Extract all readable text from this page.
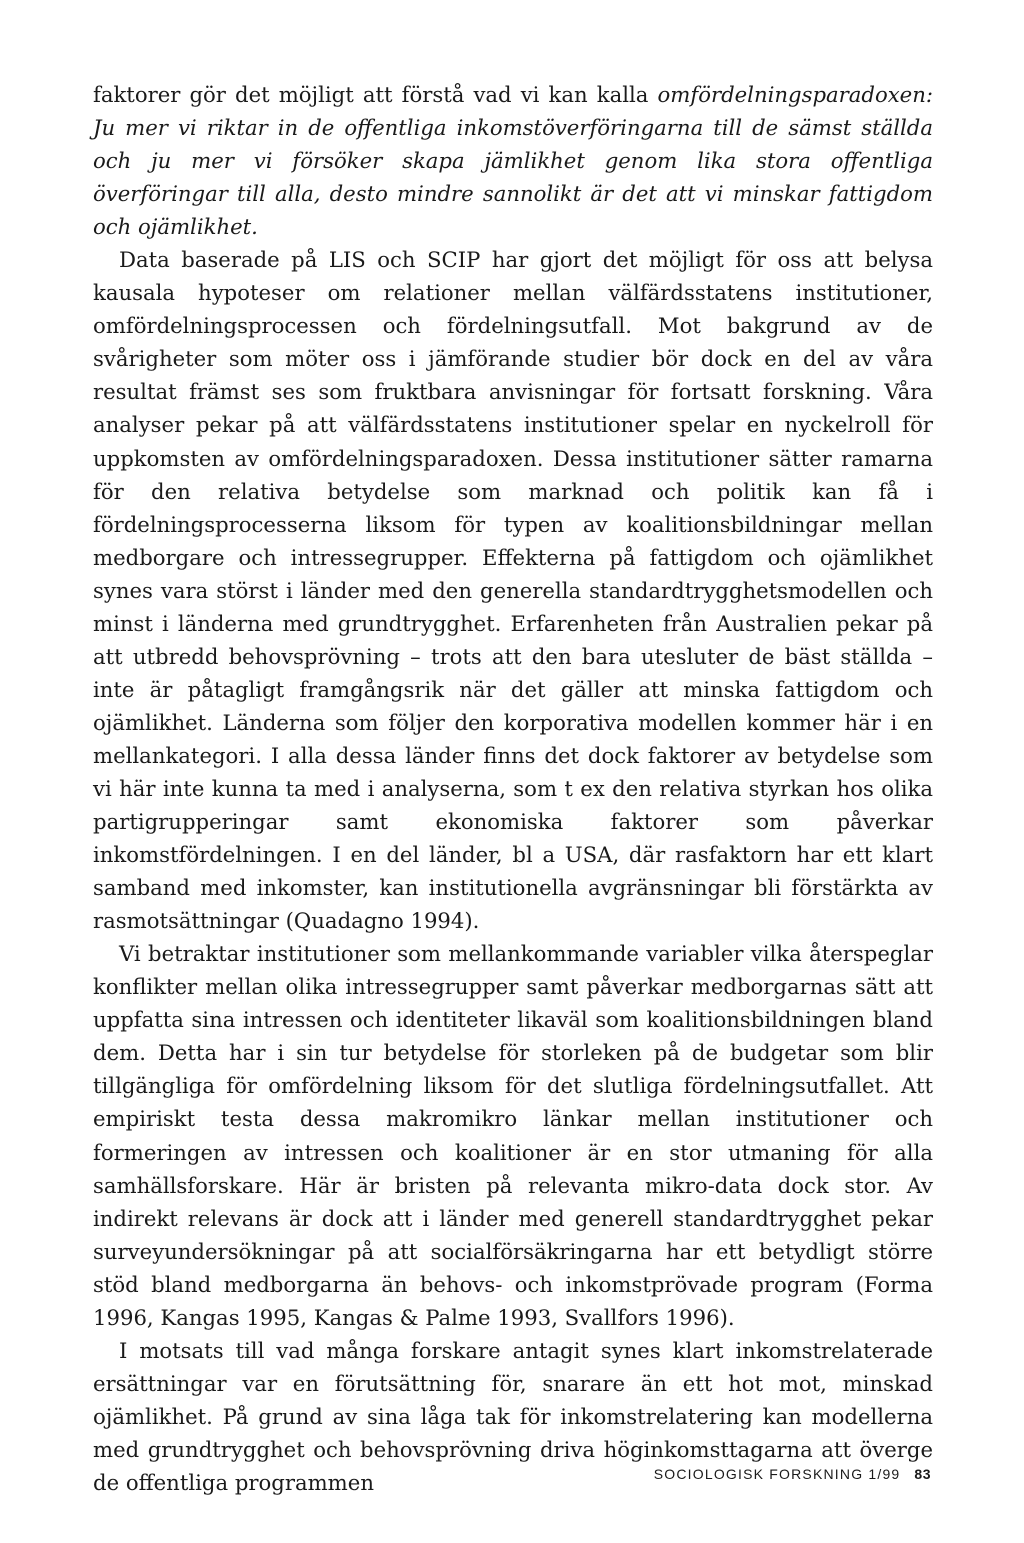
faktorer gör det möjligt att förstå vad vi kan kalla omfördelningsparadoxen: Ju mer vi riktar in de offentliga inkomstöverföringarna till de sämst ställda och ju mer vi försöker skapa jämlikhet genom lika stora offentliga överföringar till alla, desto mindre sannolikt är det att vi minskar fattigdom och ojämlikhet.

Data baserade på LIS och SCIP har gjort det möjligt för oss att belysa kausala hypoteser om relationer mellan välfärdsstatens institutioner, omfördelningsprocessen och fördelningsutfall. Mot bakgrund av de svårigheter som möter oss i jämförande studier bör dock en del av våra resultat främst ses som fruktbara anvisningar för fortsatt forskning. Våra analyser pekar på att välfärdsstatens institutioner spelar en nyckelroll för uppkomsten av omfördelningsparadoxen. Dessa institutioner sätter ramarna för den relativa betydelse som marknad och politik kan få i fördelningsprocesserna liksom för typen av koalitionsbildningar mellan medborgare och intressegrupper. Effekterna på fattigdom och ojämlikhet synes vara störst i länder med den generella standardtrygghetsmodellen och minst i länderna med grundtrygghet. Erfarenheten från Australien pekar på att utbredd behovsprövning – trots att den bara utesluter de bäst ställda – inte är påtagligt framgångsrik när det gäller att minska fattigdom och ojämlikhet. Länderna som följer den korporativa modellen kommer här i en mellankategori. I alla dessa länder finns det dock faktorer av betydelse som vi här inte kunna ta med i analyserna, som t ex den relativa styrkan hos olika partigrupperingar samt ekonomiska faktorer som påverkar inkomstfördelningen. I en del länder, bl a USA, där rasfaktorn har ett klart samband med inkomster, kan institutionella avgränsningar bli förstärkta av rasmotsättningar (Quadagno 1994).

Vi betraktar institutioner som mellankommande variabler vilka återspeglar konflikter mellan olika intressegrupper samt påverkar medborgarnas sätt att uppfatta sina intressen och identiteter likaväl som koalitionsbildningen bland dem. Detta har i sin tur betydelse för storleken på de budgetar som blir tillgängliga för omfördelning liksom för det slutliga fördelningsutfallet. Att empiriskt testa dessa makromikro länkar mellan institutioner och formeringen av intressen och koalitioner är en stor utmaning för alla samhällsforskare. Här är bristen på relevanta mikro-data dock stor. Av indirekt relevans är dock att i länder med generell standardtrygghet pekar surveyundersökningar på att socialförsäkringarna har ett betydligt större stöd bland medborgarna än behovs- och inkomstprövade program (Forma 1996, Kangas 1995, Kangas & Palme 1993, Svallfors 1996).

I motsats till vad många forskare antagit synes klart inkomstrelaterade ersättningar var en förutsättning för, snarare än ett hot mot, minskad ojämlikhet. På grund av sina låga tak för inkomstrelatering kan modellerna med grundtrygghet och behovsprövning driva höginkomsttagarna att överge de offentliga programmen	SOCIOLOGISK FORSKNING 1/99 83
